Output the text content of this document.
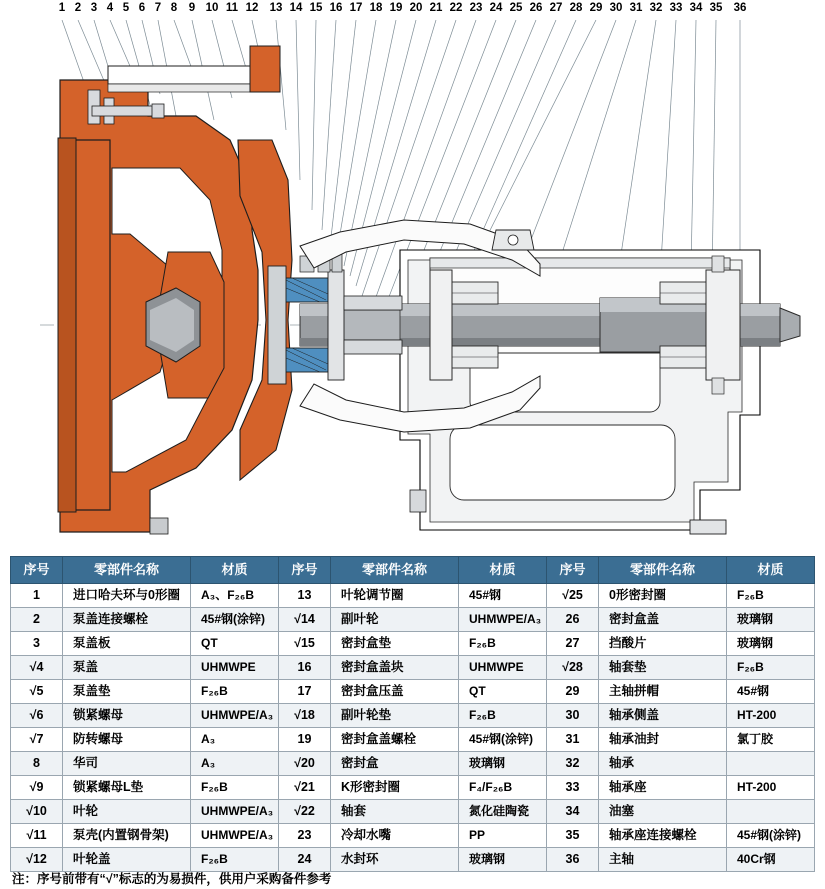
1 2 3 4 5 6 7 8 9 10 11 12 13 14 15 16 17 18 19 20 21 22 23 24 25 26 27 28 29 30 31 32 33 34 35 36
序号	零部件名称	材质	序号	零部件名称	材质	序号	零部件名称	材质
1	进口哈夫环与0形圈	A₃、F₂₆B	13	叶轮调节圈	45#钢	√25	0形密封圈	F₂₆B
2	泵盖连接螺栓	45#钢(涂锌)	√14	副叶轮	UHMWPE/A₃	26	密封盒盖	玻璃钢
3	泵盖板	QT	√15	密封盒垫	F₂₆B	27	挡酸片	玻璃钢
√4	泵盖	UHMWPE	16	密封盒盖块	UHMWPE	√28	轴套垫	F₂₆B
√5	泵盖垫	F₂₆B	17	密封盒压盖	QT	29	主轴拼帽	45#钢
√6	锁紧螺母	UHMWPE/A₃	√18	副叶轮垫	F₂₆B	30	轴承侧盖	HT-200
√7	防转螺母	A₃	19	密封盒盖螺栓	45#钢(涂锌)	31	轴承油封	氯丁胶
8	华司	A₃	√20	密封盒	玻璃钢	32	轴承	
√9	锁紧螺母L垫	F₂₆B	√21	K形密封圈	F₄/F₂₆B	33	轴承座	HT-200
√10	叶轮	UHMWPE/A₃	√22	轴套	氮化硅陶瓷	34	油塞	
√11	泵壳(内置钢骨架)	UHMWPE/A₃	23	冷却水嘴	PP	35	轴承座连接螺栓	45#钢(涂锌)
√12	叶轮盖	F₂₆B	24	水封环	玻璃钢	36	主轴	40Cr钢
注：序号前带有“√”标志的为易损件，供用户采购备件参考
